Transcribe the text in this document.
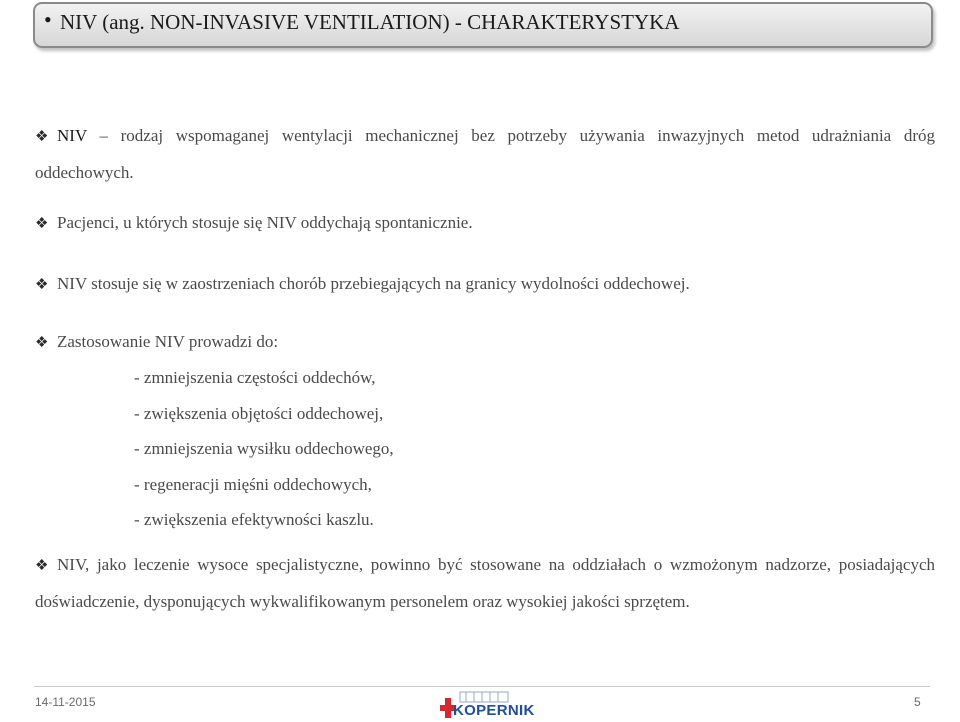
• NIV (ang. NON-INVASIVE VENTILATION) - CHARAKTERYSTYKA
❖ NIV – rodzaj wspomaganej wentylacji mechanicznej bez potrzeby używania inwazyjnych metod udrażniania dróg oddechowych.
❖ Pacjenci, u których stosuje się NIV oddychają spontanicznie.
❖ NIV stosuje się w zaostrzeniach chorób przebiegających na granicy wydolności oddechowej.
❖ Zastosowanie NIV prowadzi do:
- zmniejszenia częstości oddechów,
- zwiększenia objętości oddechowej,
- zmniejszenia wysiłku oddechowego,
- regeneracji mięśni oddechowych,
- zwiększenia efektywności kaszlu.
❖ NIV, jako leczenie wysoce specjalistyczne, powinno być stosowane na oddziałach o wzmożonym nadzorze, posiadających doświadczenie, dysponujących wykwalifikowanym personelem oraz wysokiej jakości sprzętem.
14-11-2015	KOPERNIK	5
